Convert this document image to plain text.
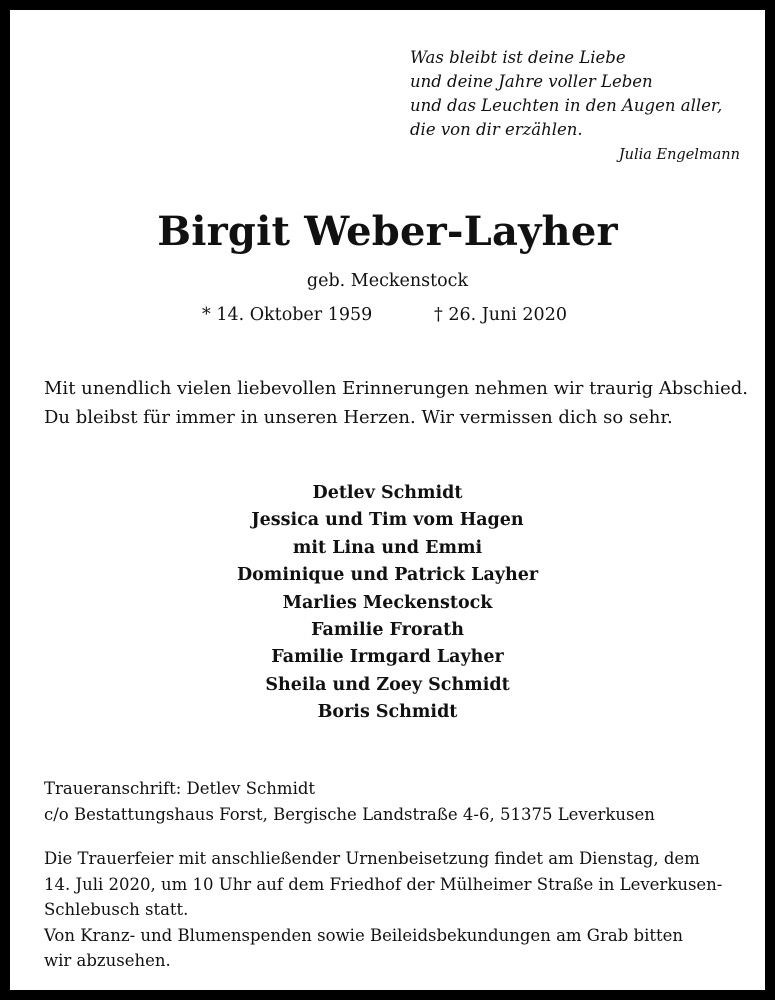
Was bleibt ist deine Liebe
und deine Jahre voller Leben
und das Leuchten in den Augen aller,
die von dir erzählen.
Julia Engelmann
Birgit Weber-Layher
geb. Meckenstock
* 14. Oktober 1959	† 26. Juni 2020
Mit unendlich vielen liebevollen Erinnerungen nehmen wir traurig Abschied.
Du bleibst für immer in unseren Herzen. Wir vermissen dich so sehr.
Detlev Schmidt
Jessica und Tim vom Hagen
mit Lina und Emmi
Dominique und Patrick Layher
Marlies Meckenstock
Familie Frorath
Familie Irmgard Layher
Sheila und Zoey Schmidt
Boris Schmidt
Traueranschrift: Detlev Schmidt
c/o Bestattungshaus Forst, Bergische Landstraße 4-6, 51375 Leverkusen
Die Trauerfeier mit anschließender Urnenbeisetzung findet am Dienstag, dem
14. Juli 2020, um 10 Uhr auf dem Friedhof der Mülheimer Straße in Leverkusen-
Schlebusch statt.
Von Kranz- und Blumenspenden sowie Beileidsbekundungen am Grab bitten
wir abzusehen.
